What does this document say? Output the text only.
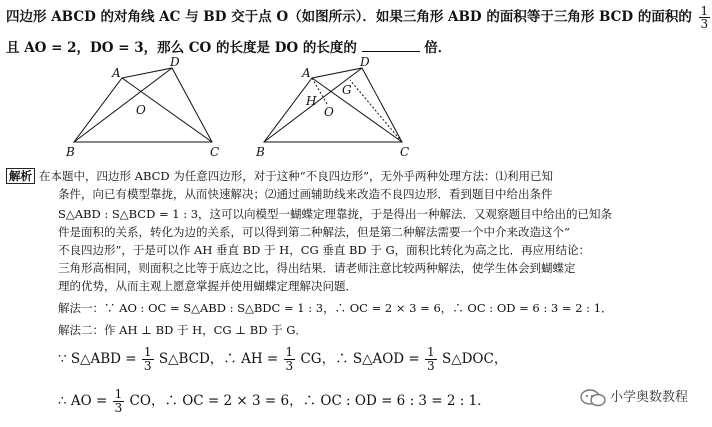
四边形 ABCD 的对角线 AC 与 BD 交于点 O（如图所示）．如果三角形 ABD 的面积等于三角形 BCD 的面积的 $\frac{1}{3}$
且 AO = 2，DO = 3，那么 CO 的长度是 DO 的长度的	倍．
A
D
B	C
O
A
D
B	C
O
H
G
解析 在本题中，四边形 ABCD 为任意四边形，对于这种“不良四边形”，无外乎两种处理方法：⑴利用已知
条件，向已有模型靠拢，从而快速解决；⑵通过画辅助线来改造不良四边形．看到题目中给出条件
S△ABD : S△BCD = 1 : 3，这可以向模型一蝴蝶定理靠拢，于是得出一种解法．又观察题目中给出的已知条
件是面积的关系，转化为边的关系，可以得到第二种解法，但是第二种解法需要一个中介来改造这个“
不良四边形”，于是可以作 AH 垂直 BD 于 H，CG 垂直 BD 于 G，面积比转化为高之比．再应用结论：
三角形高相同，则面积之比等于底边之比，得出结果．请老师注意比较两种解法，使学生体会到蝴蝶定
理的优势，从而主观上愿意掌握并使用蝴蝶定理解决问题．
解法一：∵ AO : OC = S△ABD : S△BDC = 1 : 3，∴ OC = 2 × 3 = 6，∴ OC : OD = 6 : 3 = 2 : 1．
解法二：作 AH ⊥ BD 于 H，CG ⊥ BD 于 G．
∵ S△ABD = $\frac{1}{3}$ S△BCD，∴ AH = $\frac{1}{3}$ CG，∴ S△AOD = $\frac{1}{3}$ S△DOC，
∴ AO = $\frac{1}{3}$ CO，∴ OC = 2 × 3 = 6，∴ OC : OD = 6 : 3 = 2 : 1．	小学奥数教程
